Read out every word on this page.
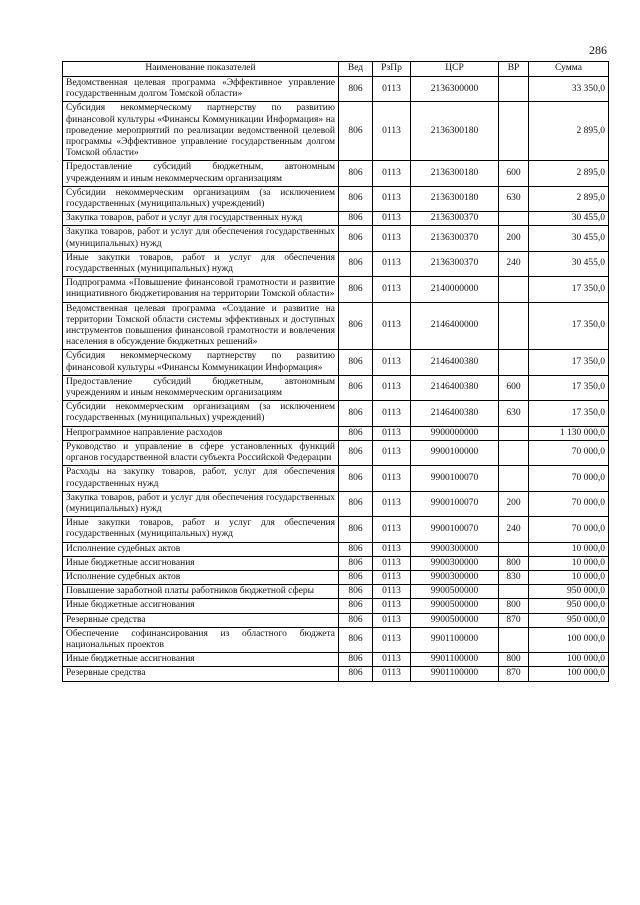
286
Наименование показателей	Вед	РзПр	ЦСР	ВР	Сумма
Ведомственная целевая программа «Эффективное управление государственным долгом Томской области»	806	0113	2136300000		33 350,0
Субсидия некоммерческому партнерству по развитию финансовой культуры «Финансы Коммуникации Информация» на проведение мероприятий по реализации ведомственной целевой программы «Эффективное управление государственным долгом Томской области»	806	0113	2136300180		2 895,0
Предоставление субсидий бюджетным, автономным учреждениям и иным некоммерческим организациям	806	0113	2136300180	600	2 895,0
Субсидии некоммерческим организациям (за исключением государственных (муниципальных) учреждений)	806	0113	2136300180	630	2 895,0
Закупка товаров, работ и услуг для государственных нужд	806	0113	2136300370		30 455,0
Закупка товаров, работ и услуг для обеспечения государственных (муниципальных) нужд	806	0113	2136300370	200	30 455,0
Иные закупки товаров, работ и услуг для обеспечения государственных (муниципальных) нужд	806	0113	2136300370	240	30 455,0
Подпрограмма «Повышение финансовой грамотности и развитие инициативного бюджетирования на территории Томской области»	806	0113	2140000000		17 350,0
Ведомственная целевая программа «Создание и развитие на территории Томской области системы эффективных и доступных инструментов повышения финансовой грамотности и вовлечения населения в обсуждение бюджетных решений»	806	0113	2146400000		17 350,0
Субсидия некоммерческому партнерству по развитию финансовой культуры «Финансы Коммуникации Информация»	806	0113	2146400380		17 350,0
Предоставление субсидий бюджетным, автономным учреждениям и иным некоммерческим организациям	806	0113	2146400380	600	17 350,0
Субсидии некоммерческим организациям (за исключением государственных (муниципальных) учреждений)	806	0113	2146400380	630	17 350,0
Непрограммное направление расходов	806	0113	9900000000		1 130 000,0
Руководство и управление в сфере установленных функций органов государственной власти субъекта Российской Федерации	806	0113	9900100000		70 000,0
Расходы на закупку товаров, работ, услуг для обеспечения государственных нужд	806	0113	9900100070		70 000,0
Закупка товаров, работ и услуг для обеспечения государственных (муниципальных) нужд	806	0113	9900100070	200	70 000,0
Иные закупки товаров, работ и услуг для обеспечения государственных (муниципальных) нужд	806	0113	9900100070	240	70 000,0
Исполнение судебных актов	806	0113	9900300000		10 000,0
Иные бюджетные ассигнования	806	0113	9900300000	800	10 000,0
Исполнение судебных актов	806	0113	9900300000	830	10 000,0
Повышение заработной платы работников бюджетной сферы	806	0113	9900500000		950 000,0
Иные бюджетные ассигнования	806	0113	9900500000	800	950 000,0
Резервные средства	806	0113	9900500000	870	950 000,0
Обеспечение софинансирования из областного бюджета национальных проектов	806	0113	9901100000		100 000,0
Иные бюджетные ассигнования	806	0113	9901100000	800	100 000,0
Резервные средства	806	0113	9901100000	870	100 000,0
